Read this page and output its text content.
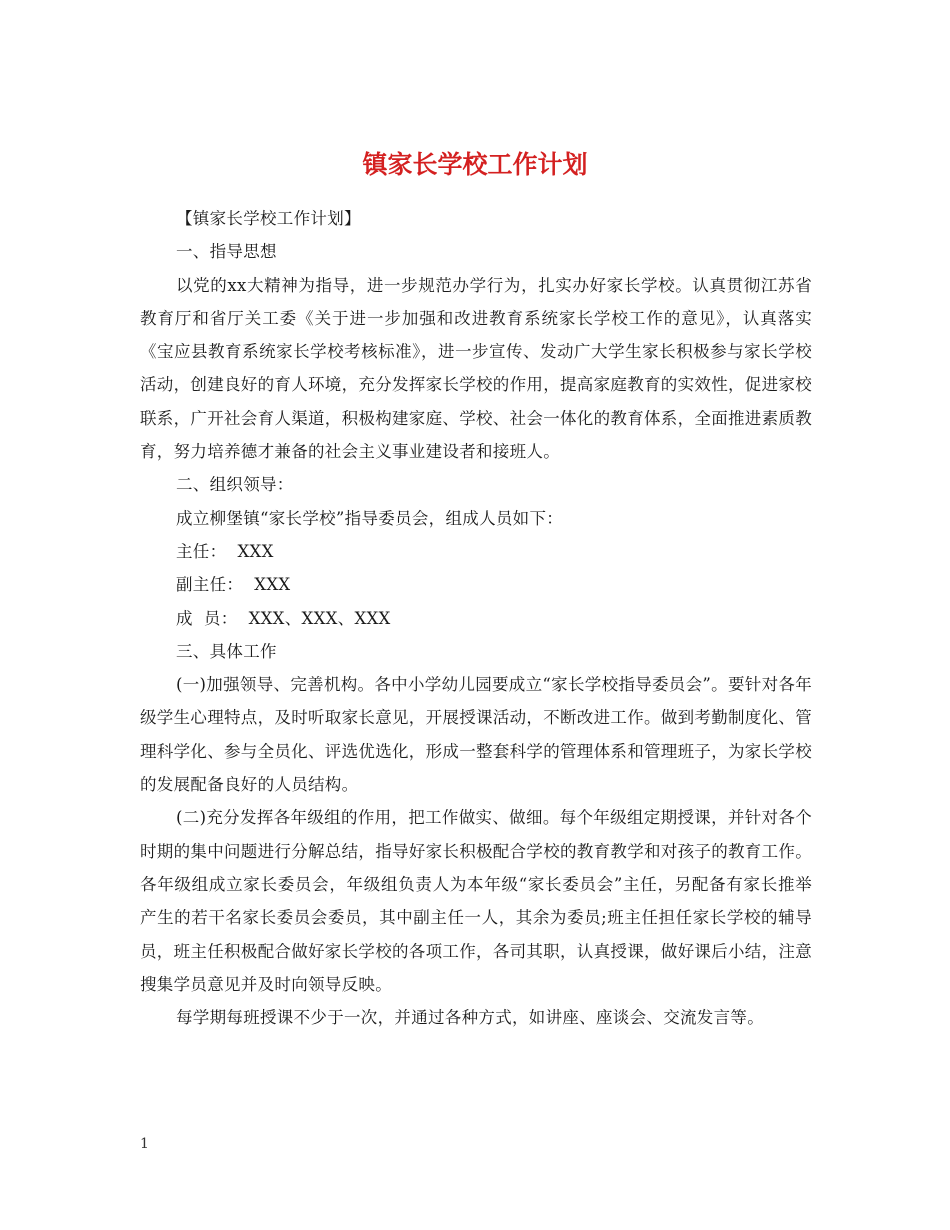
镇家长学校工作计划

【镇家长学校工作计划】

一、指导思想

以党的xx大精神为指导，进一步规范办学行为，扎实办好家长学校。认真贯彻江苏省教育厅和省厅关工委《关于进一步加强和改进教育系统家长学校工作的意见》，认真落实《宝应县教育系统家长学校考核标准》，进一步宣传、发动广大学生家长积极参与家长学校活动，创建良好的育人环境，充分发挥家长学校的作用，提高家庭教育的实效性，促进家校联系，广开社会育人渠道，积极构建家庭、学校、社会一体化的教育体系，全面推进素质教育，努力培养德才兼备的社会主义事业建设者和接班人。

二、组织领导：

成立柳堡镇“家长学校”指导委员会，组成人员如下：

主任：  XXX

副主任：  XXX

成  员：  XXX、XXX、XXX

三、具体工作

(一)加强领导、完善机构。各中小学幼儿园要成立“家长学校指导委员会”。要针对各年级学生心理特点，及时听取家长意见，开展授课活动，不断改进工作。做到考勤制度化、管理科学化、参与全员化、评选优选化，形成一整套科学的管理体系和管理班子，为家长学校的发展配备良好的人员结构。

(二)充分发挥各年级组的作用，把工作做实、做细。每个年级组定期授课，并针对各个时期的集中问题进行分解总结，指导好家长积极配合学校的教育教学和对孩子的教育工作。各年级组成立家长委员会，年级组负责人为本年级“家长委员会”主任，另配备有家长推举产生的若干名家长委员会委员，其中副主任一人，其余为委员;班主任担任家长学校的辅导员，班主任积极配合做好家长学校的各项工作，各司其职，认真授课，做好课后小结，注意搜集学员意见并及时向领导反映。

每学期每班授课不少于一次，并通过各种方式，如讲座、座谈会、交流发言等。

1
